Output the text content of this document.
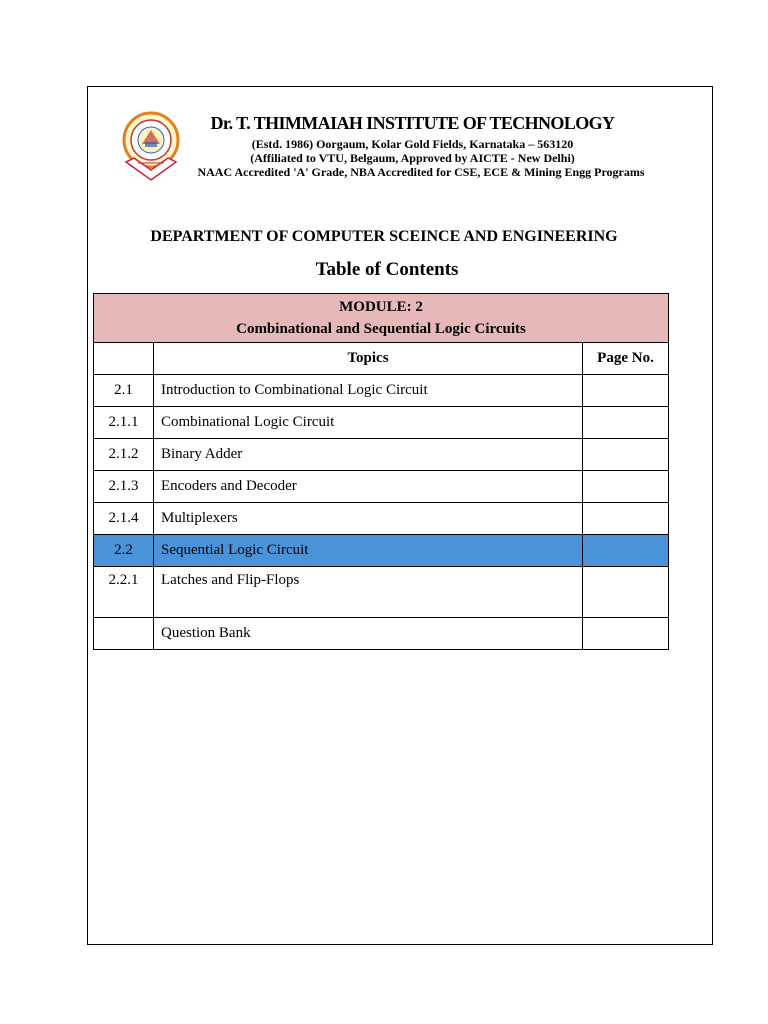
Dr. T. THIMMAIAH INSTITUTE OF TECHNOLOGY
(Estd. 1986) Oorgaum, Kolar Gold Fields, Karnataka – 563120
(Affiliated to VTU, Belgaum, Approved by AICTE - New Delhi)
NAAC Accredited 'A' Grade, NBA Accredited for CSE, ECE & Mining Engg Programs
DEPARTMENT OF COMPUTER SCEINCE AND ENGINEERING
Table of Contents
MODULE: 2
Combinational and Sequential Logic Circuits		

	Topics	Page No.
2.1	Introduction to Combinational Logic Circuit	
2.1.1	Combinational Logic Circuit	
2.1.2	Binary Adder	
2.1.3	Encoders and Decoder	
2.1.4	Multiplexers	
2.2	Sequential Logic Circuit	
2.2.1	Latches and Flip-Flops	
	Question Bank	
